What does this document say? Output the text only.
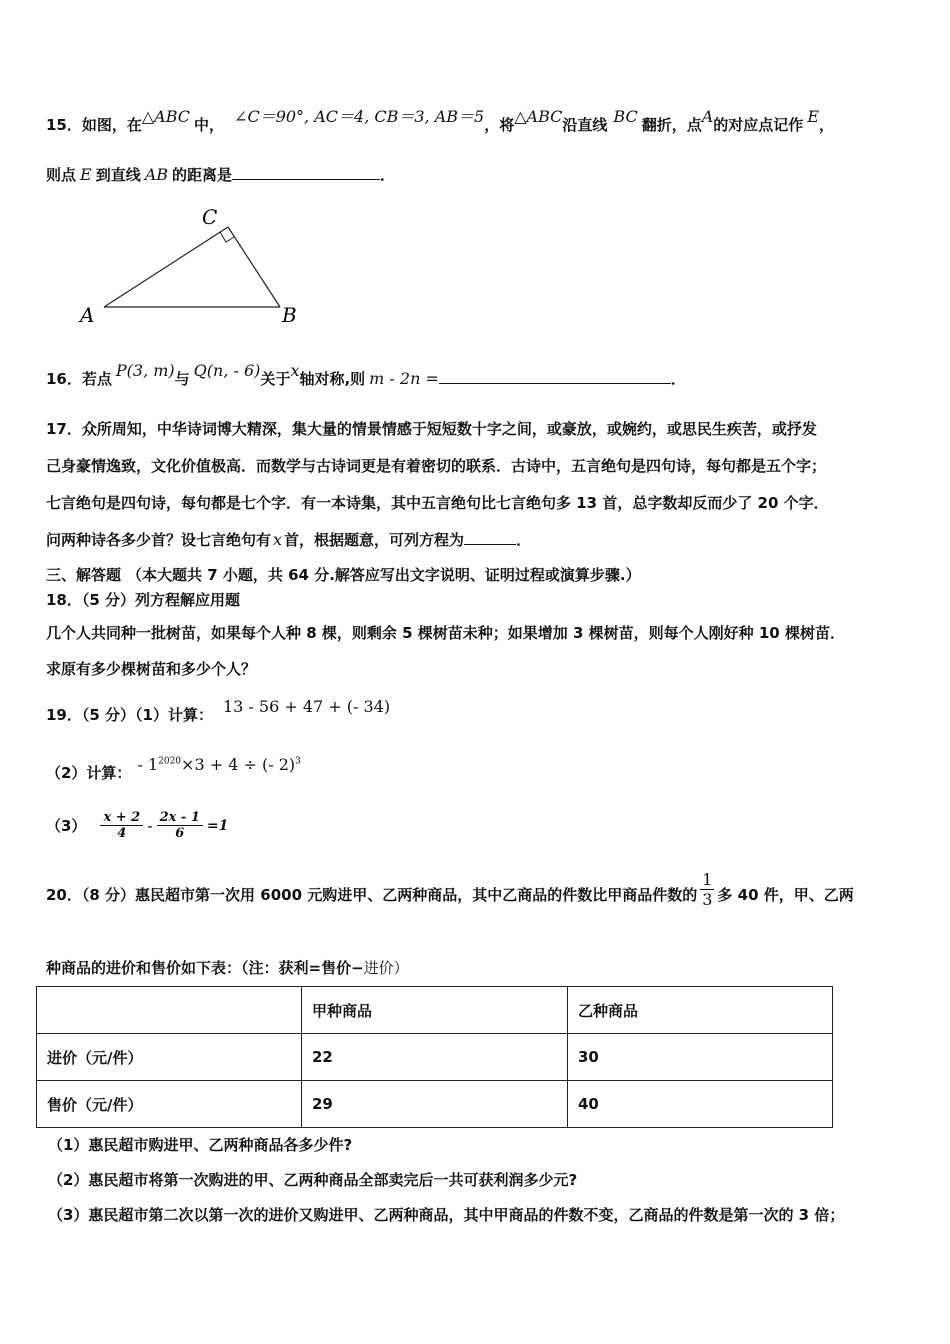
15．如图，在△ABC 中， ∠C＝90°, AC＝4, CB＝3, AB＝5，将△ABC沿直线 BC 翻折，点A的对应点记作 E，
则点 E 到直线 AB 的距离是	．
C
A	B
16．若点 P(3, m)与 Q(n, - 6)关于x轴对称,则 m - 2n =	．
17．众所周知，中华诗词博大精深，集大量的情景情感于短短数十字之间，或豪放，或婉约，或思民生疾苦，或抒发
己身豪情逸致，文化价值极高．而数学与古诗词更是有着密切的联系．古诗中，五言绝句是四句诗，每句都是五个字；
七言绝句是四句诗，每句都是七个字．有一本诗集，其中五言绝句比七言绝句多 13 首，总字数却反而少了 20 个字．
问两种诗各多少首？设七言绝句有 x 首，根据题意，可列方程为	．
三、解答题 （本大题共 7 小题，共 64 分.解答应写出文字说明、证明过程或演算步骤.）
18．（5 分）列方程解应用题
几个人共同种一批树苗，如果每个人种 8 棵，则剩余 5 棵树苗未种；如果增加 3 棵树苗，则每个人刚好种 10 棵树苗．
求原有多少棵树苗和多少个人？
19．（5 分）（1）计算： 13 - 56 + 47 + (- 34)
（2）计算： - $1^{2020}\times 3 + 4$ ÷ (- 2)$^3$
$(3) \frac{x + 2}{4} - \frac{2x - 1}{6} =1$
20．（8 分）惠民超市第一次用 6000 元购进甲、乙两种商品，其中乙商品的件数比甲商品件数的 $\frac{1}{3}$ 多 40 件，甲、乙两
种商品的进价和售价如下表：（注：获利=售价−进价）
	甲种商品	乙种商品
进价（元/件）	22	30
售价（元/件）	29	40
（1）惠民超市购进甲、乙两种商品各多少件?
（2）惠民超市将第一次购进的甲、乙两种商品全部卖完后一共可获利润多少元?
（3）惠民超市第二次以第一次的进价又购进甲、乙两种商品，其中甲商品的件数不变，乙商品的件数是第一次的 3 倍；
